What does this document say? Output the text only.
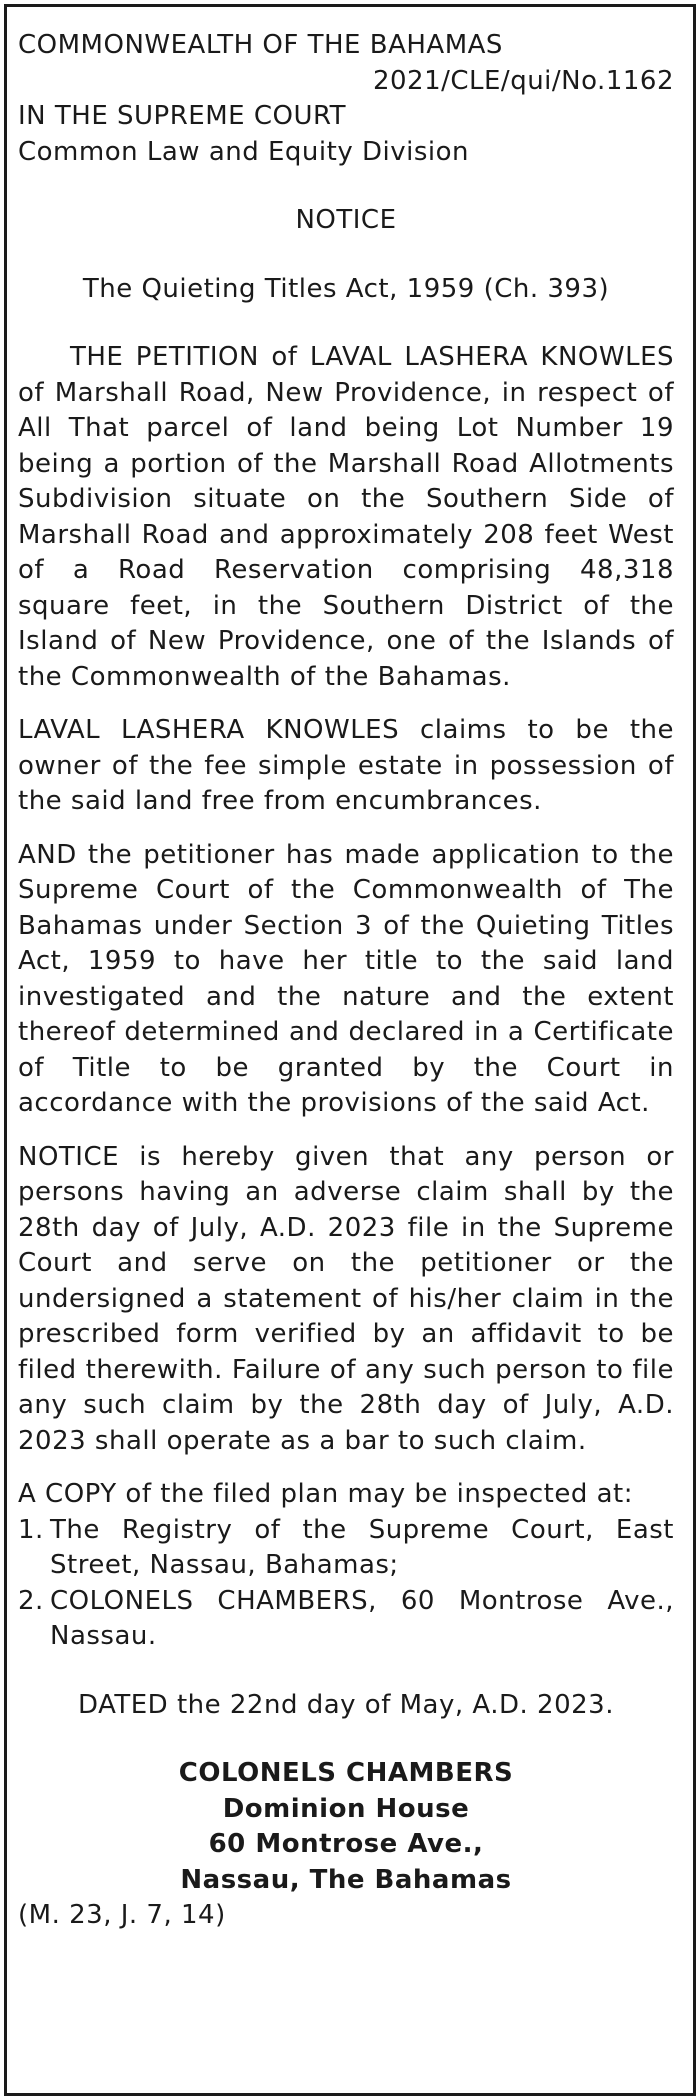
COMMONWEALTH OF THE BAHAMAS
2021/CLE/qui/No.1162
IN THE SUPREME COURT
Common Law and Equity Division
NOTICE
The Quieting Titles Act, 1959 (Ch. 393)

THE PETITION of LAVAL LASHERA KNOWLES of Marshall Road, New Providence, in respect of All That parcel of land being Lot Number 19 being a portion of the Marshall Road Allotments Subdivision situate on the Southern Side of Marshall Road and approximately 208 feet West of a Road Reservation comprising 48,318 square feet, in the Southern District of the Island of New Providence, one of the Islands of the Commonwealth of the Bahamas.

LAVAL LASHERA KNOWLES claims to be the owner of the fee simple estate in possession of the said land free from encumbrances.

AND the petitioner has made application to the Supreme Court of the Commonwealth of The Bahamas under Section 3 of the Quieting Titles Act, 1959 to have her title to the said land investigated and the nature and the extent thereof determined and declared in a Certificate of Title to be granted by the Court in accordance with the provisions of the said Act.

NOTICE is hereby given that any person or persons having an adverse claim shall by the 28th day of July, A.D. 2023 file in the Supreme Court and serve on the petitioner or the undersigned a statement of his/her claim in the prescribed form verified by an affidavit to be filed therewith. Failure of any such person to file any such claim by the 28th day of July, A.D. 2023 shall operate as a bar to such claim.

A COPY of the filed plan may be inspected at:
1. The Registry of the Supreme Court, East Street, Nassau, Bahamas;
2. COLONELS CHAMBERS, 60 Montrose Ave., Nassau.
DATED the 22nd day of May, A.D. 2023.
COLONELS CHAMBERS
Dominion House
60 Montrose Ave.,
Nassau, The Bahamas
(M. 23, J. 7, 14)
